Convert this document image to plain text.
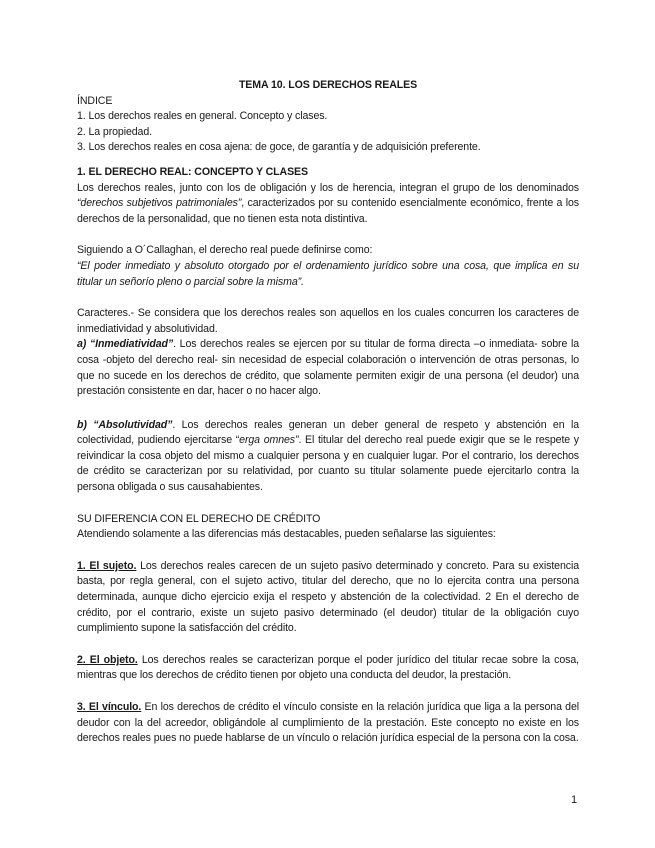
TEMA 10. LOS DERECHOS REALES

ÍNDICE

1. Los derechos reales en general. Concepto y clases.

2. La propiedad.

3. Los derechos reales en cosa ajena: de goce, de garantía y de adquisición preferente.

1. EL DERECHO REAL: CONCEPTO Y CLASES

Los derechos reales, junto con los de obligación y los de herencia, integran el grupo de los denominados “derechos subjetivos patrimoniales”, caracterizados por su contenido esencialmente económico, frente a los derechos de la personalidad, que no tienen esta nota distintiva.

Siguiendo a O´Callaghan, el derecho real puede definirse como:

“El poder inmediato y absoluto otorgado por el ordenamiento jurídico sobre una cosa, que implica en su titular un señorío pleno o parcial sobre la misma”.

Caracteres.- Se considera que los derechos reales son aquellos en los cuales concurren los caracteres de inmediatividad y absolutividad.

a) “Inmediatividad”. Los derechos reales se ejercen por su titular de forma directa –o inmediata- sobre la cosa -objeto del derecho real- sin necesidad de especial colaboración o intervención de otras personas, lo que no sucede en los derechos de crédito, que solamente permiten exigir de una persona (el deudor) una prestación consistente en dar, hacer o no hacer algo.

b) “Absolutividad”. Los derechos reales generan un deber general de respeto y abstención en la colectividad, pudiendo ejercitarse “erga omnes”. El titular del derecho real puede exigir que se le respete y reivindicar la cosa objeto del mismo a cualquier persona y en cualquier lugar. Por el contrario, los derechos de crédito se caracterizan por su relatividad, por cuanto su titular solamente puede ejercitarlo contra la persona obligada o sus causahabientes.

SU DIFERENCIA CON EL DERECHO DE CRÉDITO

Atendiendo solamente a las diferencias más destacables, pueden señalarse las siguientes:

1. El sujeto. Los derechos reales carecen de un sujeto pasivo determinado y concreto. Para su existencia basta, por regla general, con el sujeto activo, titular del derecho, que no lo ejercita contra una persona determinada, aunque dicho ejercicio exija el respeto y abstención de la colectividad. 2 En el derecho de crédito, por el contrario, existe un sujeto pasivo determinado (el deudor) titular de la obligación cuyo cumplimiento supone la satisfacción del crédito.

2. El objeto. Los derechos reales se caracterizan porque el poder jurídico del titular recae sobre la cosa, mientras que los derechos de crédito tienen por objeto una conducta del deudor, la prestación.

3. El vínculo. En los derechos de crédito el vínculo consiste en la relación jurídica que liga a la persona del deudor con la del acreedor, obligándole al cumplimiento de la prestación. Este concepto no existe en los derechos reales pues no puede hablarse de un vínculo o relación jurídica especial de la persona con la cosa.

1
